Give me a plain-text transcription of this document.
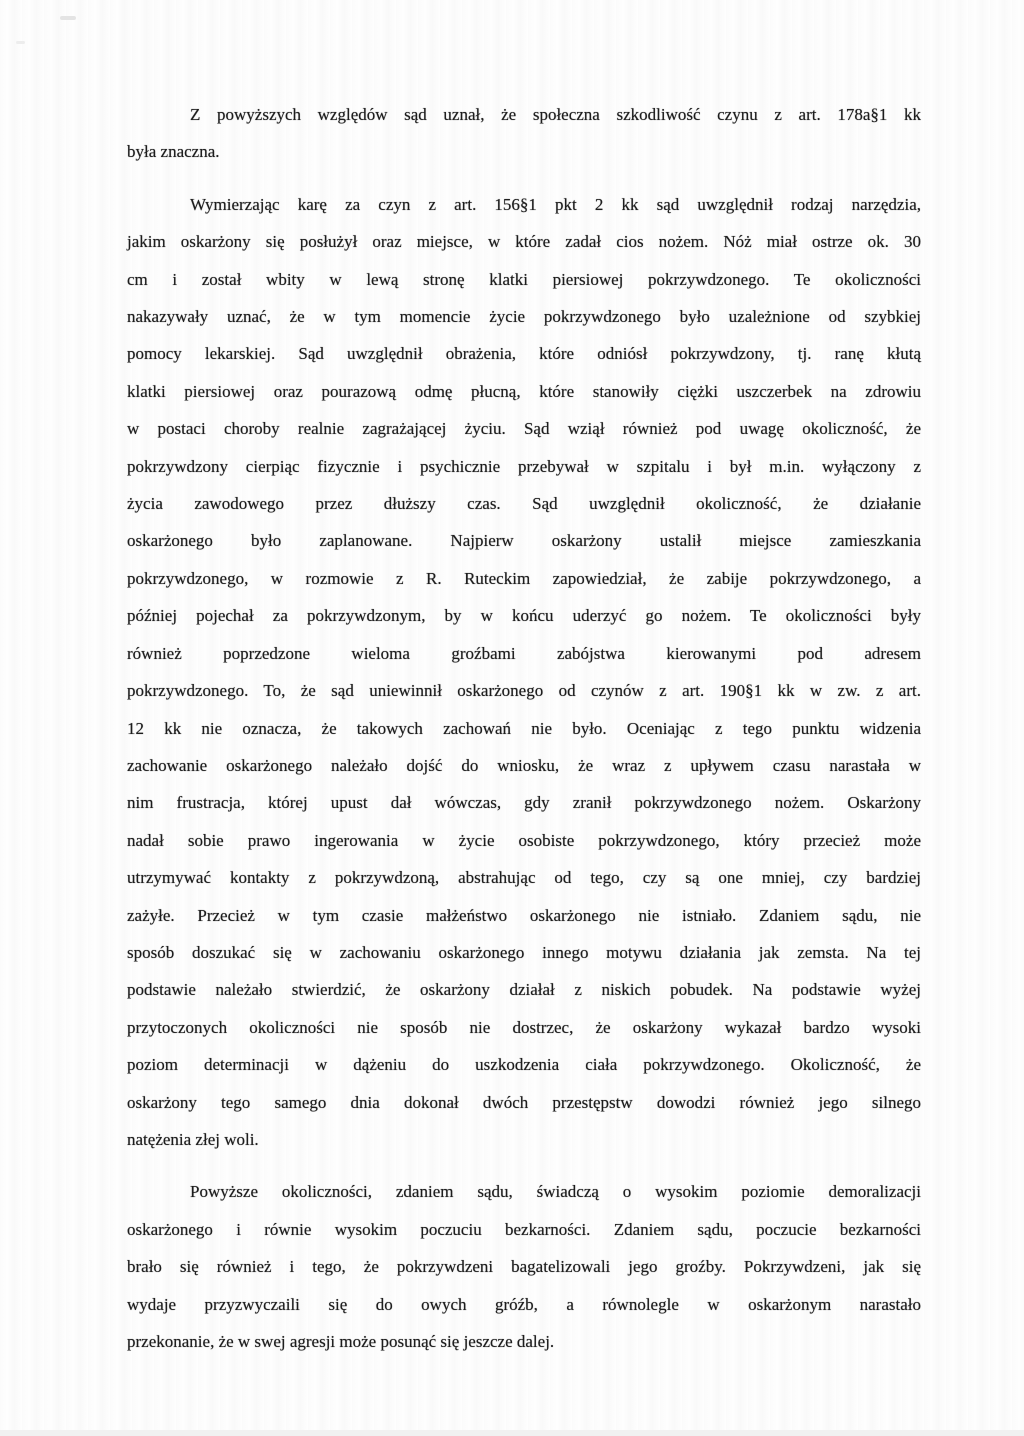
Z powyższych względów sąd uznał, że społeczna szkodliwość czynu z art. 178a§1 kk
była znaczna.
Wymierzając karę za czyn z art. 156§1 pkt 2 kk sąd uwzględnił rodzaj narzędzia,
jakim oskarżony się posłużył oraz miejsce, w które zadał cios nożem. Nóż miał ostrze ok. 30
cm i został wbity w lewą stronę klatki piersiowej pokrzywdzonego. Te okoliczności
nakazywały uznać, że w tym momencie życie pokrzywdzonego było uzależnione od szybkiej
pomocy lekarskiej. Sąd uwzględnił obrażenia, które odniósł pokrzywdzony, tj. ranę kłutą
klatki piersiowej oraz pourazową odmę płucną, które stanowiły ciężki uszczerbek na zdrowiu
w postaci choroby realnie zagrażającej życiu. Sąd wziął również pod uwagę okoliczność, że
pokrzywdzony cierpiąc fizycznie i psychicznie przebywał w szpitalu i był m.in. wyłączony z
życia zawodowego przez dłuższy czas. Sąd uwzględnił okoliczność, że działanie
oskarżonego było zaplanowane. Najpierw oskarżony ustalił miejsce zamieszkania
pokrzywdzonego, w rozmowie z R. Ruteckim zapowiedział, że zabije pokrzywdzonego, a
później pojechał za pokrzywdzonym, by w końcu uderzyć go nożem. Te okoliczności były
również poprzedzone wieloma groźbami zabójstwa kierowanymi pod adresem
pokrzywdzonego. To, że sąd uniewinnił oskarżonego od czynów z art. 190§1 kk w zw. z art.
12 kk nie oznacza, że takowych zachowań nie było. Oceniając z tego punktu widzenia
zachowanie oskarżonego należało dojść do wniosku, że wraz z upływem czasu narastała w
nim frustracja, której upust dał wówczas, gdy zranił pokrzywdzonego nożem. Oskarżony
nadał sobie prawo ingerowania w życie osobiste pokrzywdzonego, który przecież może
utrzymywać kontakty z pokrzywdzoną, abstrahując od tego, czy są one mniej, czy bardziej
zażyłe. Przecież w tym czasie małżeństwo oskarżonego nie istniało. Zdaniem sądu, nie
sposób doszukać się w zachowaniu oskarżonego innego motywu działania jak zemsta. Na tej
podstawie należało stwierdzić, że oskarżony działał z niskich pobudek. Na podstawie wyżej
przytoczonych okoliczności nie sposób nie dostrzec, że oskarżony wykazał bardzo wysoki
poziom determinacji w dążeniu do uszkodzenia ciała pokrzywdzonego. Okoliczność, że
oskarżony tego samego dnia dokonał dwóch przestępstw dowodzi również jego silnego
natężenia złej woli.
Powyższe okoliczności, zdaniem sądu, świadczą o wysokim poziomie demoralizacji
oskarżonego i równie wysokim poczuciu bezkarności. Zdaniem sądu, poczucie bezkarności
brało się również i tego, że pokrzywdzeni bagatelizowali jego groźby. Pokrzywdzeni, jak się
wydaje przyzwyczaili się do owych gróźb, a równolegle w oskarżonym narastało
przekonanie, że w swej agresji może posunąć się jeszcze dalej.
